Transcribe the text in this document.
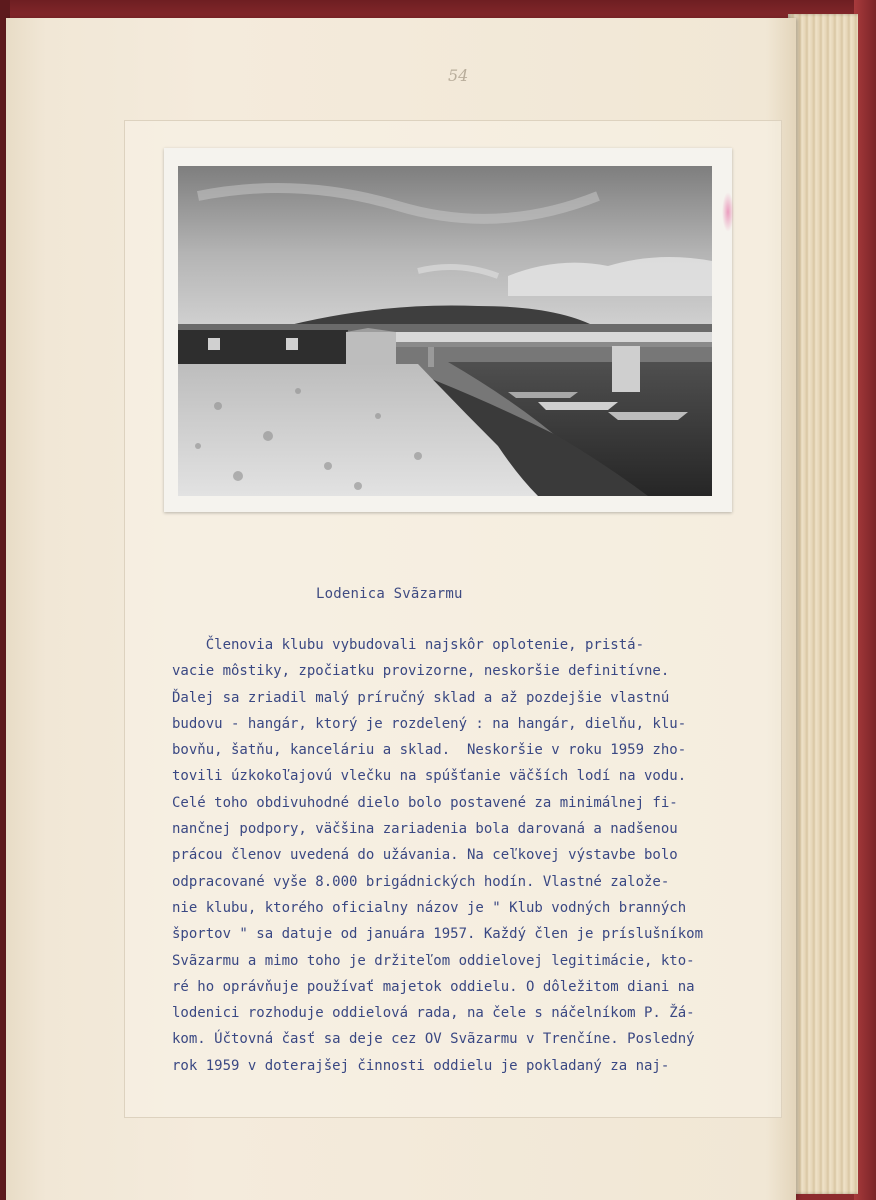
54
Lodenica Svãzarmu
Členovia klubu vybudovali najskôr oplotenie, pristá-
vacie môstiky, zpočiatku provizorne, neskoršie definitívne.
Ďalej sa zriadil malý príručný sklad a až pozdejšie vlastnú
budovu - hangár, ktorý je rozdelený : na hangár, dielňu, klu-
bovňu, šatňu, kanceláriu a sklad.  Neskoršie v roku 1959 zho-
tovili úzkokoľajovú vlečku na spúšťanie väčších lodí na vodu.
Celé toho obdivuhodné dielo bolo postavené za minimálnej fi-
nančnej podpory, väčšina zariadenia bola darovaná a nadšenou
prácou členov uvedená do užávania. Na ceľkovej výstavbe bolo
odpracované vyše 8.000 brigádnických hodín. Vlastné založe-
nie klubu, ktorého oficialny názov je " Klub vodných branných
športov " sa datuje od januára 1957. Každý člen je príslušníkom
Svãzarmu a mimo toho je držiteľom oddielovej legitimácie, kto-
ré ho oprávňuje používať majetok oddielu. O dôležitom diani na
lodenici rozhoduje oddielová rada, na čele s náčelníkom P. Žá-
kom. Účtovná časť sa deje cez OV Svãzarmu v Trenčíne. Posledný
rok 1959 v doterajšej činnosti oddielu je pokladaný za naj-
